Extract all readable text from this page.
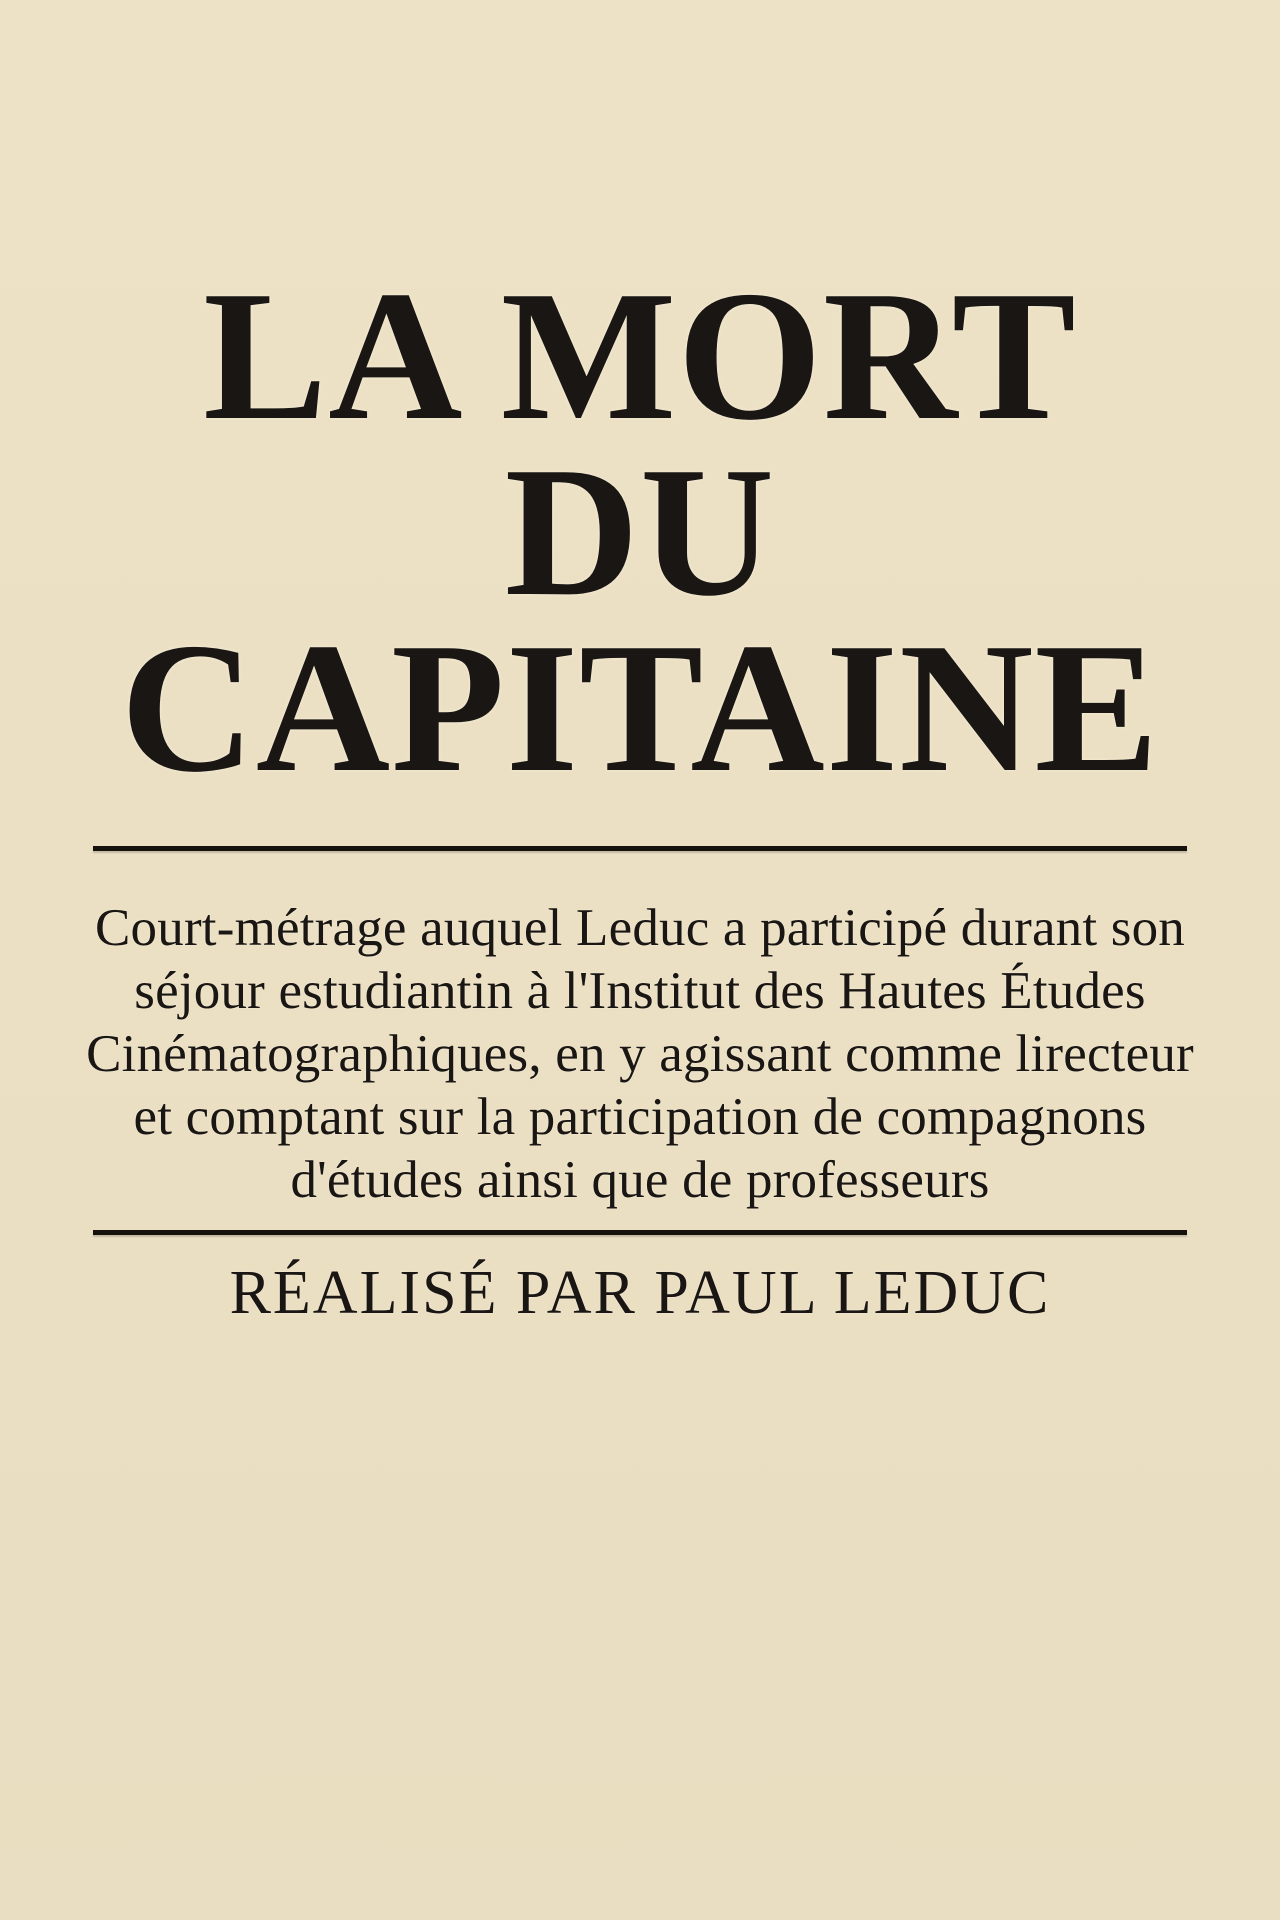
LA MORT
DU
CAPITAINE
Court-métrage auquel Leduc a participé durant son
séjour estudiantin à l'Institut des Hautes Études
Cinématographiques, en y agissant comme lirecteur
et comptant sur la participation de compagnons
d'études ainsi que de professeurs
RÉALISÉ PAR PAUL LEDUC
